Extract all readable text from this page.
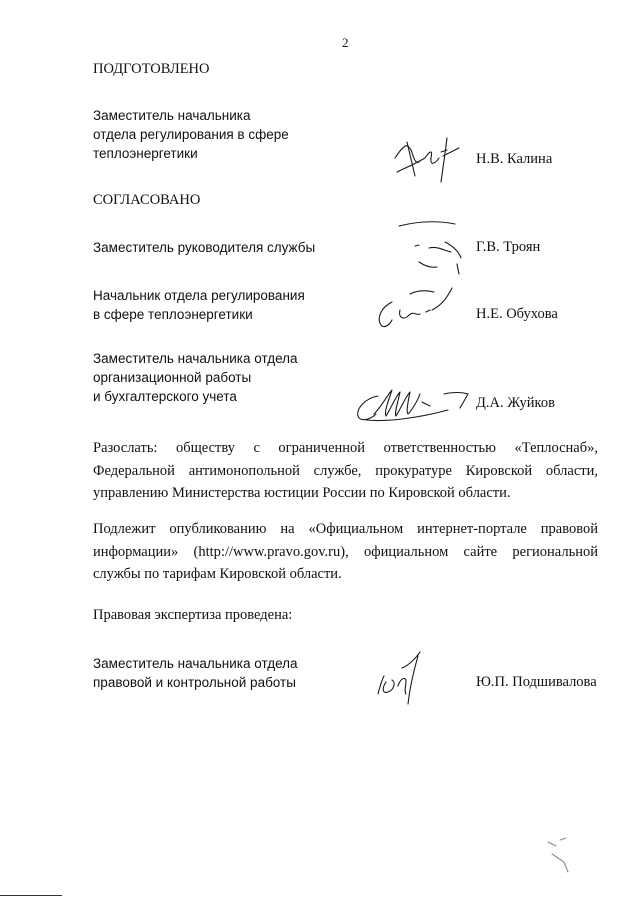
2
ПОДГОТОВЛЕНО
Заместитель начальника
отдела регулирования в сфере
теплоэнергетики	Н.В. Калина
СОГЛАСОВАНО
Заместитель руководителя службы	Г.В. Троян
Начальник отдела регулирования
в сфере теплоэнергетики	Н.Е. Обухова
Заместитель начальника отдела
организационной работы
и бухгалтерского учета	Д.А. Жуйков

Разослать: обществу с ограниченной ответственностью «Теплоснаб», Федеральной антимонопольной службе, прокуратуре Кировской области, управлению Министерства юстиции России по Кировской области.

Подлежит опубликованию на «Официальном интернет-портале правовой информации» (http://www.pravo.gov.ru), официальном сайте региональной службы по тарифам Кировской области.

Правовая экспертиза проведена:
Заместитель начальника отдела
правовой и контрольной работы	Ю.П. Подшивалова
